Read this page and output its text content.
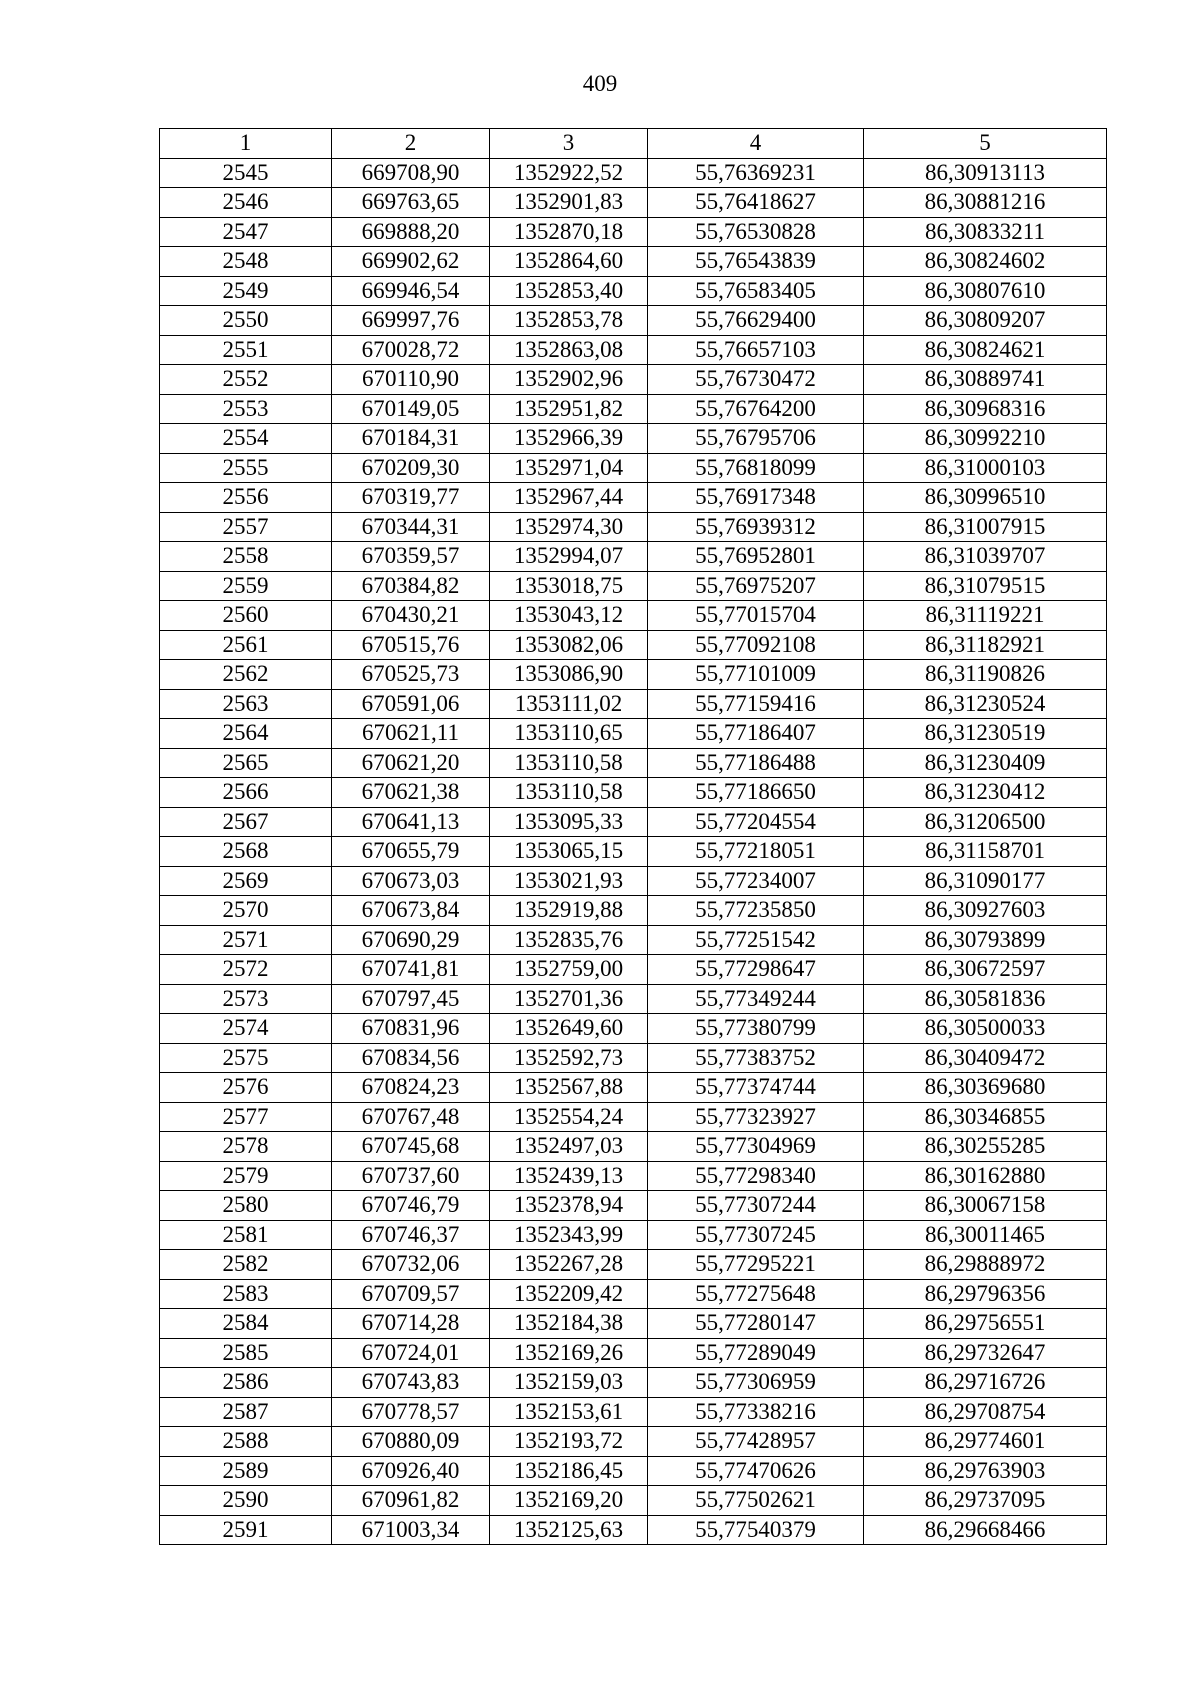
409
1	2	3	4	5
2545	669708,90	1352922,52	55,76369231	86,30913113
2546	669763,65	1352901,83	55,76418627	86,30881216
2547	669888,20	1352870,18	55,76530828	86,30833211
2548	669902,62	1352864,60	55,76543839	86,30824602
2549	669946,54	1352853,40	55,76583405	86,30807610
2550	669997,76	1352853,78	55,76629400	86,30809207
2551	670028,72	1352863,08	55,76657103	86,30824621
2552	670110,90	1352902,96	55,76730472	86,30889741
2553	670149,05	1352951,82	55,76764200	86,30968316
2554	670184,31	1352966,39	55,76795706	86,30992210
2555	670209,30	1352971,04	55,76818099	86,31000103
2556	670319,77	1352967,44	55,76917348	86,30996510
2557	670344,31	1352974,30	55,76939312	86,31007915
2558	670359,57	1352994,07	55,76952801	86,31039707
2559	670384,82	1353018,75	55,76975207	86,31079515
2560	670430,21	1353043,12	55,77015704	86,31119221
2561	670515,76	1353082,06	55,77092108	86,31182921
2562	670525,73	1353086,90	55,77101009	86,31190826
2563	670591,06	1353111,02	55,77159416	86,31230524
2564	670621,11	1353110,65	55,77186407	86,31230519
2565	670621,20	1353110,58	55,77186488	86,31230409
2566	670621,38	1353110,58	55,77186650	86,31230412
2567	670641,13	1353095,33	55,77204554	86,31206500
2568	670655,79	1353065,15	55,77218051	86,31158701
2569	670673,03	1353021,93	55,77234007	86,31090177
2570	670673,84	1352919,88	55,77235850	86,30927603
2571	670690,29	1352835,76	55,77251542	86,30793899
2572	670741,81	1352759,00	55,77298647	86,30672597
2573	670797,45	1352701,36	55,77349244	86,30581836
2574	670831,96	1352649,60	55,77380799	86,30500033
2575	670834,56	1352592,73	55,77383752	86,30409472
2576	670824,23	1352567,88	55,77374744	86,30369680
2577	670767,48	1352554,24	55,77323927	86,30346855
2578	670745,68	1352497,03	55,77304969	86,30255285
2579	670737,60	1352439,13	55,77298340	86,30162880
2580	670746,79	1352378,94	55,77307244	86,30067158
2581	670746,37	1352343,99	55,77307245	86,30011465
2582	670732,06	1352267,28	55,77295221	86,29888972
2583	670709,57	1352209,42	55,77275648	86,29796356
2584	670714,28	1352184,38	55,77280147	86,29756551
2585	670724,01	1352169,26	55,77289049	86,29732647
2586	670743,83	1352159,03	55,77306959	86,29716726
2587	670778,57	1352153,61	55,77338216	86,29708754
2588	670880,09	1352193,72	55,77428957	86,29774601
2589	670926,40	1352186,45	55,77470626	86,29763903
2590	670961,82	1352169,20	55,77502621	86,29737095
2591	671003,34	1352125,63	55,77540379	86,29668466
